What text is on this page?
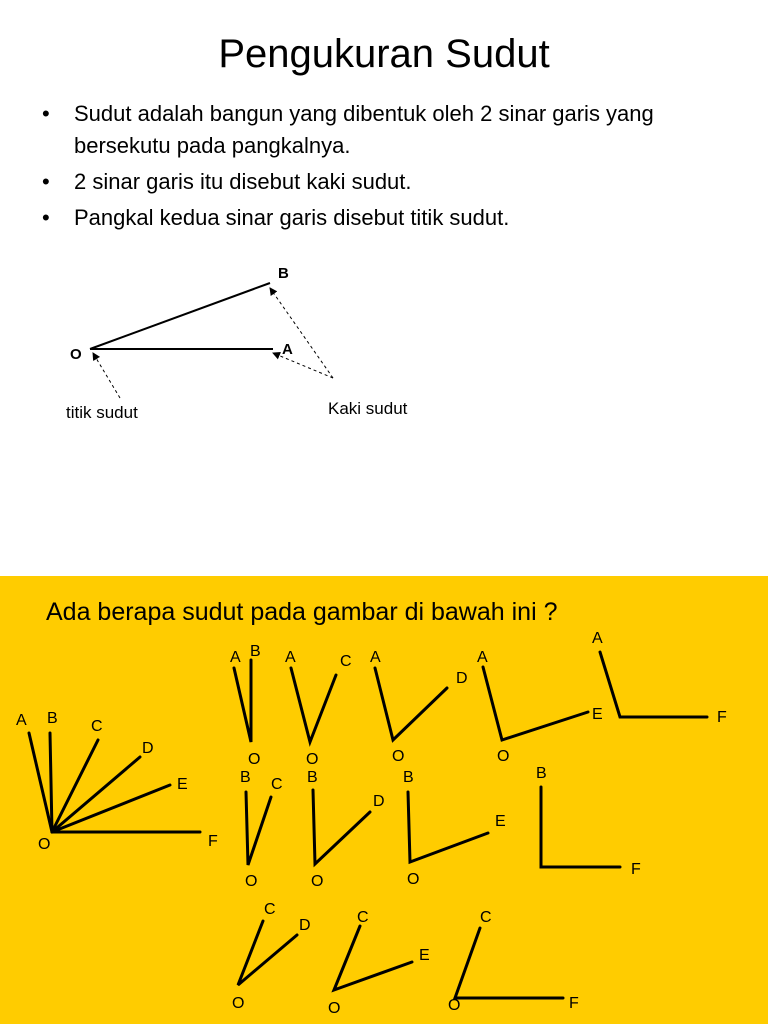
Pengukuran Sudut
• Sudut adalah bangun yang dibentuk oleh 2 sinar garis yang bersekutu pada pangkalnya.
• 2 sinar garis itu disebut kaki sudut.
• Pangkal kedua sinar garis disebut titik sudut.
O	A
B
titik sudut	Kaki sudut
Ada berapa sudut pada gambar di bawah ini ?
A B C
D
E
F
O
A B
O
A	C
O
A
D
O
A
E
O
A
F
B C
O
B
D
O
B
E
O
B
F
C
D
O
C
E
O
C
O	F
